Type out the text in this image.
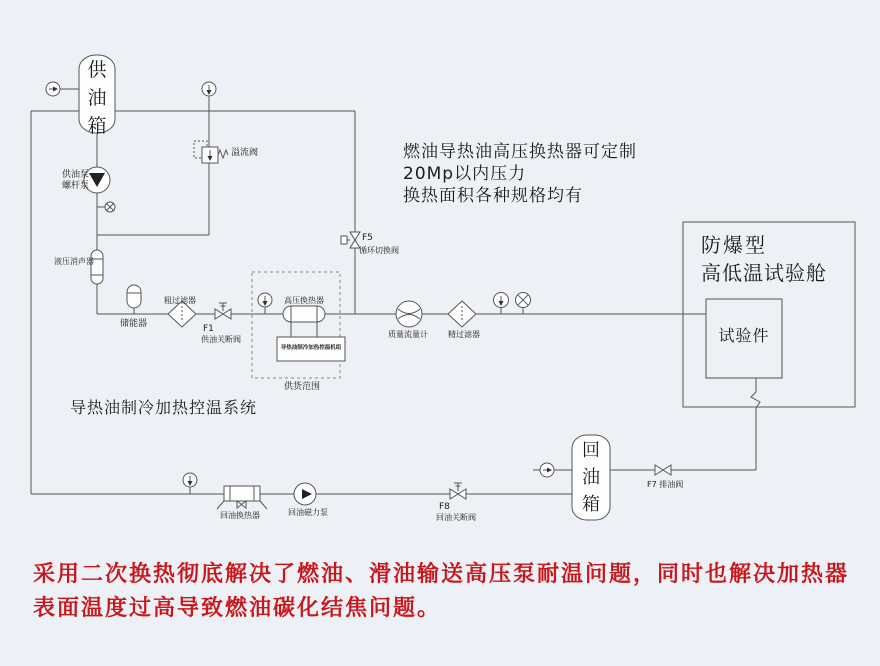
供油箱
供油泵
螺杆泵
溢流阀
液压消声器
储能器
粗过滤器
F1
供油关断阀
高压换热器
导热油制冷加热控温机组
供货范围
F5
循环切换阀
燃油导热油高压换热器可定制
20Mp以内压力
换热面积各种规格均有
质量流量计	精过滤器
防爆型
高低温试验舱
试验件
F7 排油阀
回油箱
F8
回油关断阀
回油换热器	回油磁力泵
导热油制冷加热控温系统
采用二次换热彻底解决了燃油、滑油输送高压泵耐温问题，同时也解决加热器
表面温度过高导致燃油碳化结焦问题。
